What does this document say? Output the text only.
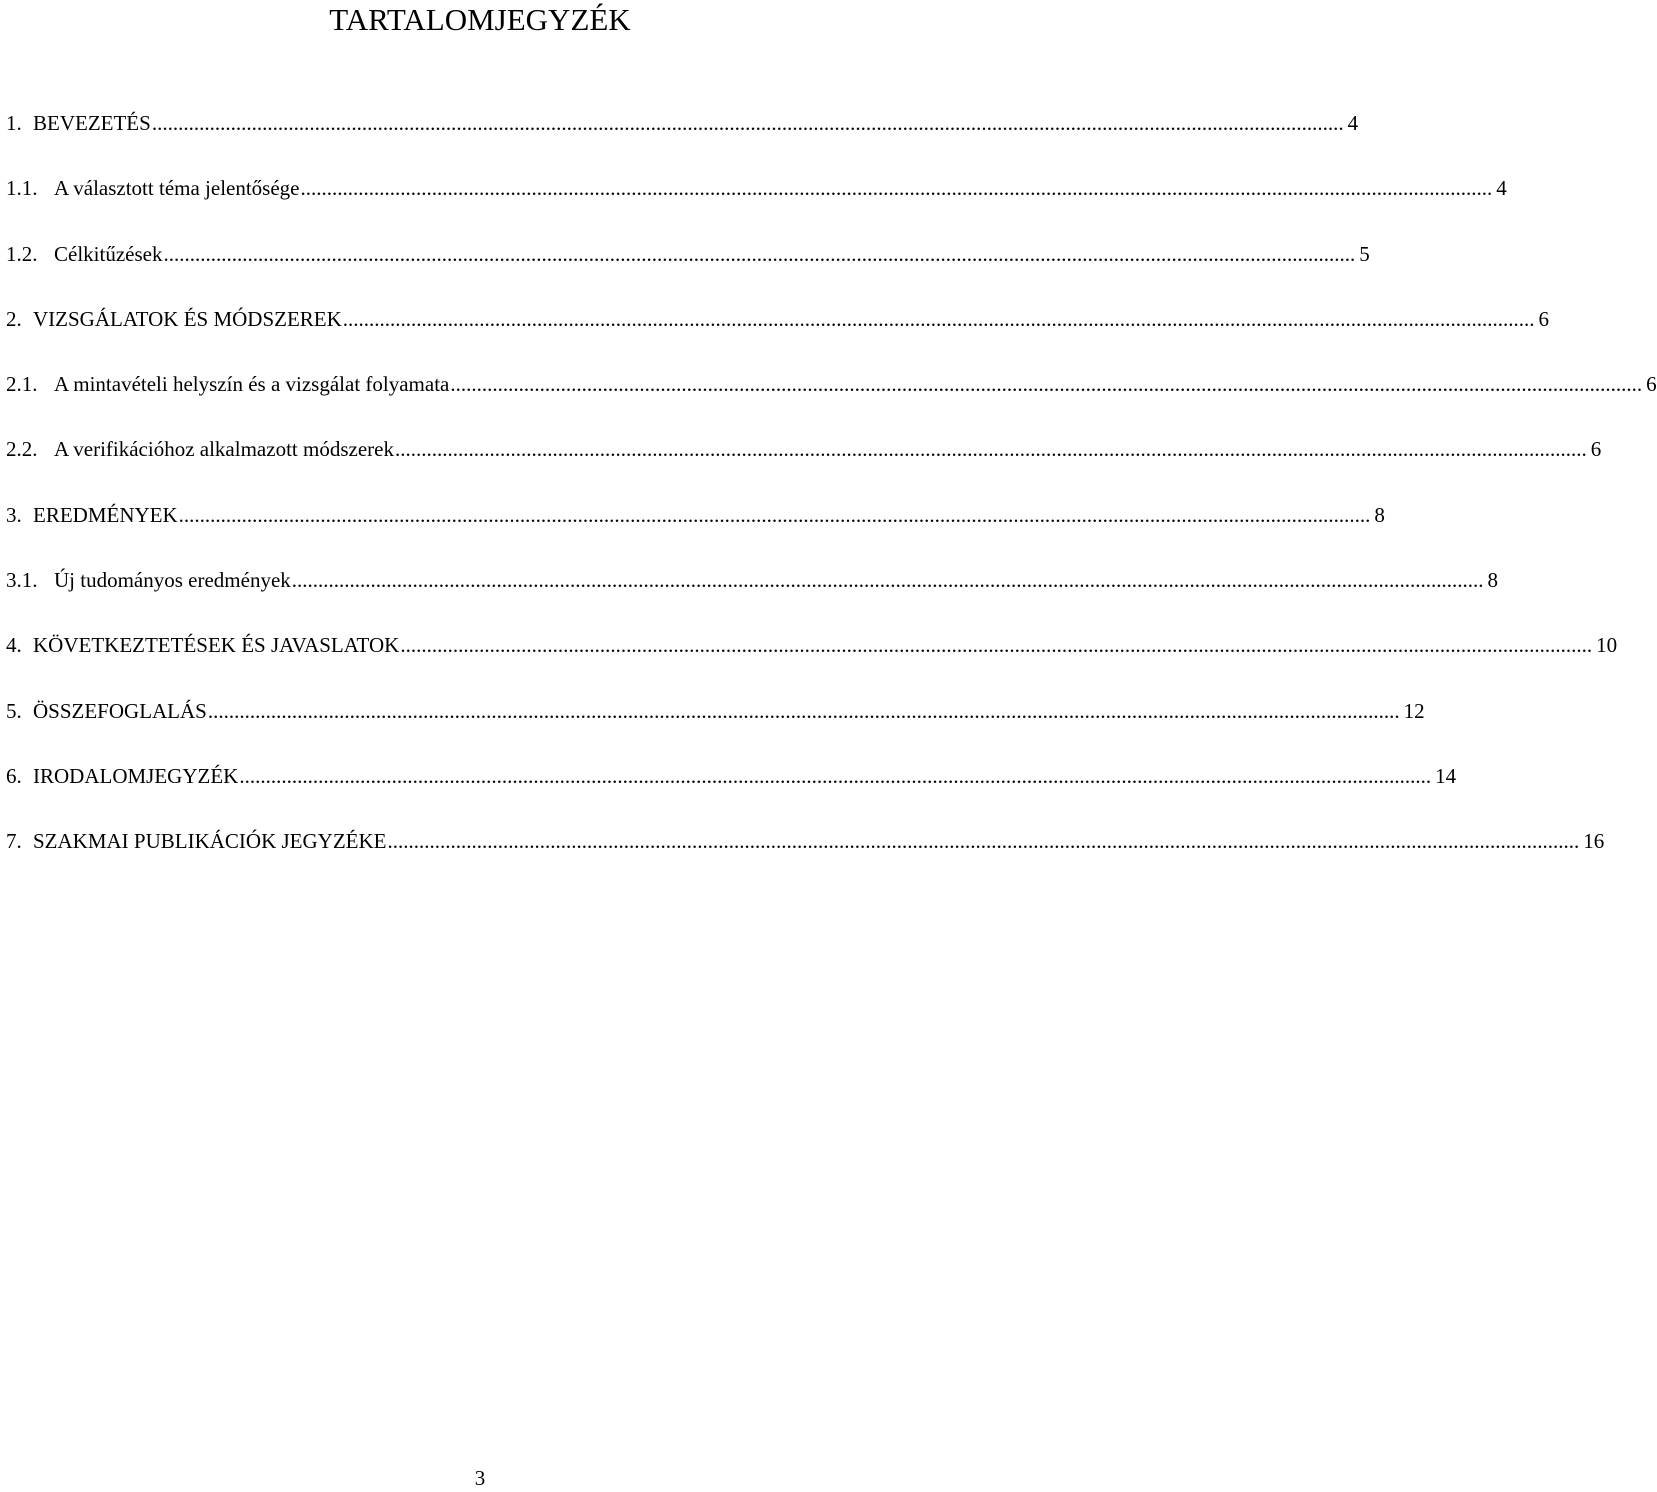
TARTALOMJEGYZÉK
1. BEVEZETÉS .....	4
1.1. A választott téma jelentősége .....	4
1.2. Célkitűzések .....	5
2. VIZSGÁLATOK ÉS MÓDSZEREK .....	6
2.1. A mintavételi helyszín és a vizsgálat folyamata .....	6
2.2. A verifikációhoz alkalmazott módszerek .....	6
3. EREDMÉNYEK .....	8
3.1. Új tudományos eredmények .....	8
4. KÖVETKEZTETÉSEK ÉS JAVASLATOK .....	10
5. ÖSSZEFOGLALÁS .....	12
6. IRODALOMJEGYZÉK .....	14
7. SZAKMAI PUBLIKÁCIÓK JEGYZÉKE .....	16
3
